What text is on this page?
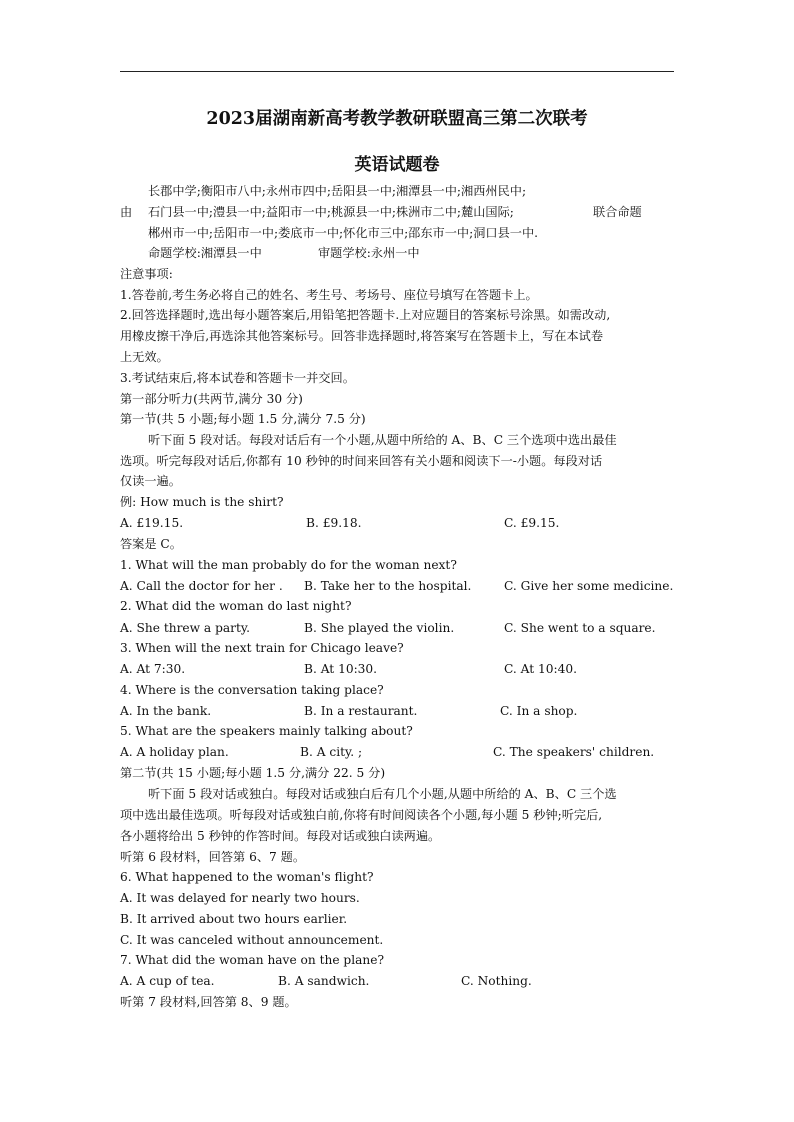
2023届湖南新高考教学教研联盟高三第二次联考
英语试题卷
长郡中学;衡阳市八中;永州市四中;岳阳县一中;湘潭县一中;湘西州民中;
由 石门县一中;澧县一中;益阳市一中;桃源县一中;株洲市二中;麓山国际;	联合命题
郴州市一中;岳阳市一中;娄底市一中;怀化市三中;邵东市一中;洞口县一中.
命题学校:湘潭县一中	审题学校:永州一中
注意事项:
1.答卷前,考生务必将自己的姓名、考生号、考场号、座位号填写在答题卡上。
2.回答选择题时,选出每小题答案后,用铅笔把答题卡.上对应题目的答案标号涂黑。如需改动,
用橡皮擦干净后,再选涂其他答案标号。回答非选择题时,将答案写在答题卡上，写在本试卷
上无效。
3.考试结束后,将本试卷和答题卡一并交回。
第一部分听力(共两节,满分 30 分)
第一节(共 5 小题;每小题 1.5 分,满分 7.5 分)
听下面 5 段对话。每段对话后有一个小题,从题中所给的 A、B、C 三个选项中选出最佳
选项。听完每段对话后,你都有 10 秒钟的时间来回答有关小题和阅读下一-小题。每段对话
仅读一遍。
例: How much is the shirt?
A. £19.15.	B. £9.18.	C. £9.15.
答案是 C。
1. What will the man probably do for the woman next?
A. Call the doctor for her . B. Take her to the hospital.	C. Give her some medicine.
2. What did the woman do last night?
A. She threw a party.	B. She played the violin.	C. She went to a square.
3. When will the next train for Chicago leave?
A. At 7:30.	B. At 10:30.	C. At 10:40.
4. Where is the conversation taking place?
A. In the bank.	B. In a restaurant.	C. In a shop.
5. What are the speakers mainly talking about?
A. A holiday plan.	B. A city. ;	C. The speakers' children.
第二节(共 15 小题;每小题 1.5 分,满分 22. 5 分)
听下面 5 段对话或独白。每段对话或独白后有几个小题,从题中所给的 A、B、C 三个选
项中选出最佳选项。听每段对话或独白前,你将有时间阅读各个小题,每小题 5 秒钟;听完后,
各小题将给出 5 秒钟的作答时间。每段对话或独白读两遍。
听第 6 段材料，回答第 6、7 题。
6. What happened to the woman's flight?
A. It was delayed for nearly two hours.
B. It arrived about two hours earlier.
C. It was canceled without announcement.
7. What did the woman have on the plane?
A. A cup of tea.	B. A sandwich.	C. Nothing.
听第 7 段材料,回答第 8、9 题。
